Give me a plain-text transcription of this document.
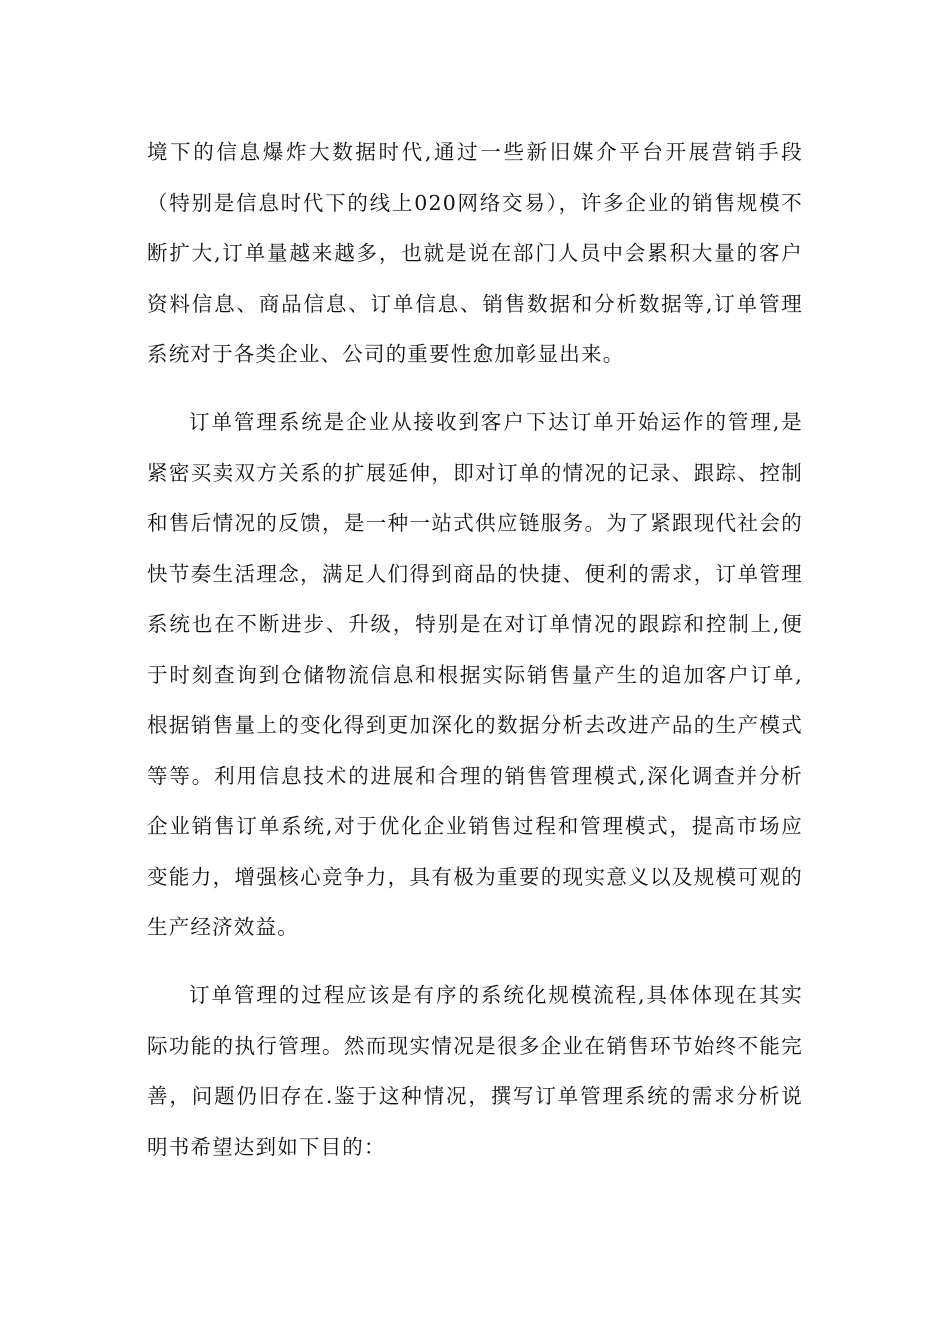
境下的信息爆炸大数据时代,通过一些新旧媒介平台开展营销手段（特别是信息时代下的线上020网络交易），许多企业的销售规模不断扩大,订单量越来越多，也就是说在部门人员中会累积大量的客户资料信息、商品信息、订单信息、销售数据和分析数据等,订单管理系统对于各类企业、公司的重要性愈加彰显出来。

订单管理系统是企业从接收到客户下达订单开始运作的管理,是紧密买卖双方关系的扩展延伸，即对订单的情况的记录、跟踪、控制和售后情况的反馈，是一种一站式供应链服务。为了紧跟现代社会的快节奏生活理念，满足人们得到商品的快捷、便利的需求，订单管理系统也在不断进步、升级，特别是在对订单情况的跟踪和控制上,便于时刻查询到仓储物流信息和根据实际销售量产生的追加客户订单,根据销售量上的变化得到更加深化的数据分析去改进产品的生产模式等等。利用信息技术的进展和合理的销售管理模式,深化调查并分析企业销售订单系统,对于优化企业销售过程和管理模式，提高市场应变能力，增强核心竞争力，具有极为重要的现实意义以及规模可观的生产经济效益。

订单管理的过程应该是有序的系统化规模流程,具体体现在其实际功能的执行管理。然而现实情况是很多企业在销售环节始终不能完善，问题仍旧存在.鉴于这种情况，撰写订单管理系统的需求分析说明书希望达到如下目的：
